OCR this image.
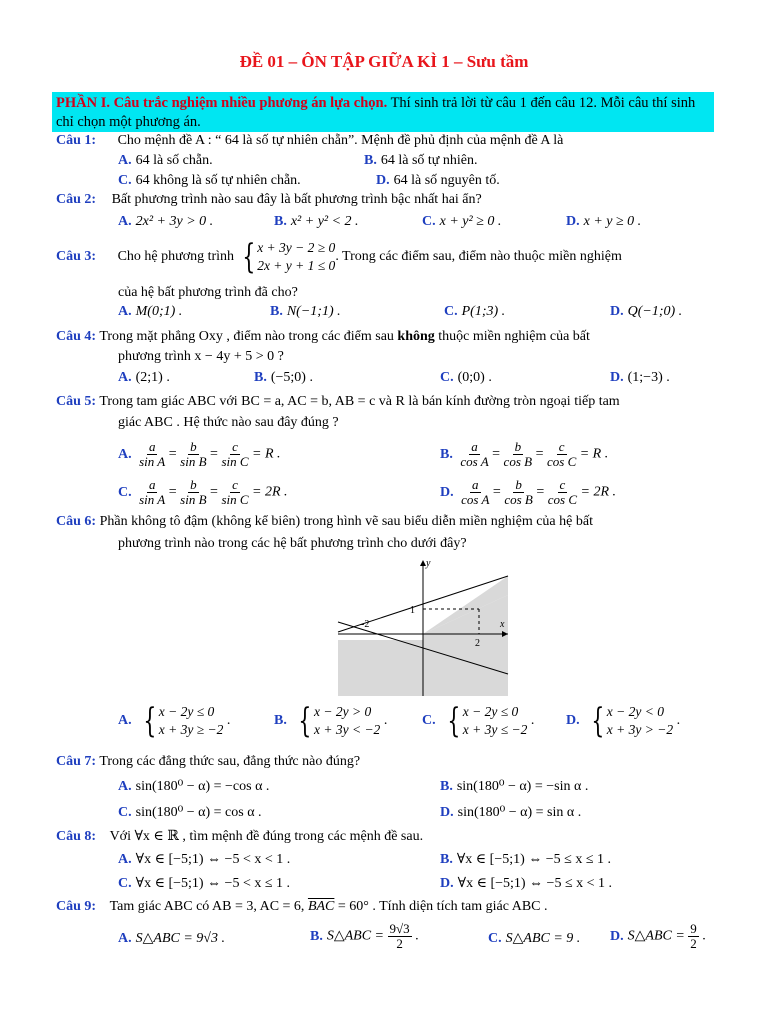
ĐỀ 01 – ÔN TẬP GIỮA KÌ 1 – Sưu tầm
PHẦN I. Câu trắc nghiệm nhiều phương án lựa chọn. Thí sinh trả lời từ câu 1 đến câu 12. Mỗi câu thí sinh chỉ chọn một phương án.
Câu 1: Cho mệnh đề A : “ 64 là số tự nhiên chẵn”. Mệnh đề phủ định của mệnh đề A là
A. 64 là số chẵn.	B. 64 là số tự nhiên.
C. 64 không là số tự nhiên chẵn.	D. 64 là số nguyên tố.
Câu 2: Bất phương trình nào sau đây là bất phương trình bậc nhất hai ẩn?
A. 2x² + 3y > 0 .	B. x² + y² < 2 .	C. x + y² ≥ 0 .	D. x + y ≥ 0 .
Câu 3: Cho hệ phương trình { x + 3y − 2 ≥ 0
2x + y + 1 ≤ 0
. Trong các điểm sau, điểm nào thuộc miền nghiệm
của hệ bất phương trình đã cho?
A. M(0;1) .	B. N(−1;1) .	C. P(1;3) .	D. Q(−1;0) .
Câu 4: Trong mặt phẳng Oxy , điểm nào trong các điểm sau không thuộc miền nghiệm của bất
phương trình x − 4y + 5 > 0 ?
A. (2;1) .	B. (−5;0) .	C. (0;0) .	D. (1;−3) .
Câu 5: Trong tam giác ABC với BC = a, AC = b, AB = c và R là bán kính đường tròn ngoại tiếp tam
giác ABC . Hệ thức nào sau đây đúng ?
A. $\frac{a}{\text{sin A}} = \frac{b}{\text{sin B}} = \frac{c}{\text{sin C}} = R$ .	B. $\frac{a}{\text{cos A}} = \frac{b}{\text{cos B}} = \frac{c}{\text{cos C}} = R$ .
C. $\frac{a}{\text{sin A}} = \frac{b}{\text{sin B}} = \frac{c}{\text{sin C}} = 2R$ .	D. $\frac{a}{\text{cos A}} = \frac{b}{\text{cos B}} = \frac{c}{\text{cos C}} = 2R$ .
Câu 6: Phần không tô đậm (không kể biên) trong hình vẽ sau biểu diễn miền nghiệm của hệ bất
phương trình nào trong các hệ bất phương trình cho dưới đây?
y
x
1
2
-2
A. { x − 2y ≤ 0
x + 3y ≥ −2
.	B. { x − 2y > 0
x + 3y < −2
. C. { x − 2y ≤ 0
x + 3y ≤ −2
. D. { x − 2y < 0
x + 3y > −2
.
Câu 7: Trong các đẳng thức sau, đẳng thức nào đúng?
A. sin(180⁰ − α) = −cos α .	B. sin(180⁰ − α) = −sin α .
C. sin(180⁰ − α) = cos α .	D. sin(180⁰ − α) = sin α .
Câu 8: Với ∀x ∈ ℝ , tìm mệnh đề đúng trong các mệnh đề sau.
A. ∀x ∈ [−5;1) ⇔ −5 < x < 1 .	B. ∀x ∈ [−5;1) ⇔ −5 ≤ x ≤ 1 .
C. ∀x ∈ [−5;1) ⇔ −5 < x ≤ 1 .	D. ∀x ∈ [−5;1) ⇔ −5 ≤ x < 1 .
Câu 9: Tam giác ABC có AB = 3, AC = 6, $\overline{BAC} = 60^\circ$ . Tính diện tích tam giác ABC .
A. S△ABC = 9√3 .	B. S△ABC = $\frac{9√3}{2}$ .	C. S△ABC = 9 . D. S△ABC = $\frac{9}{2}$ .
